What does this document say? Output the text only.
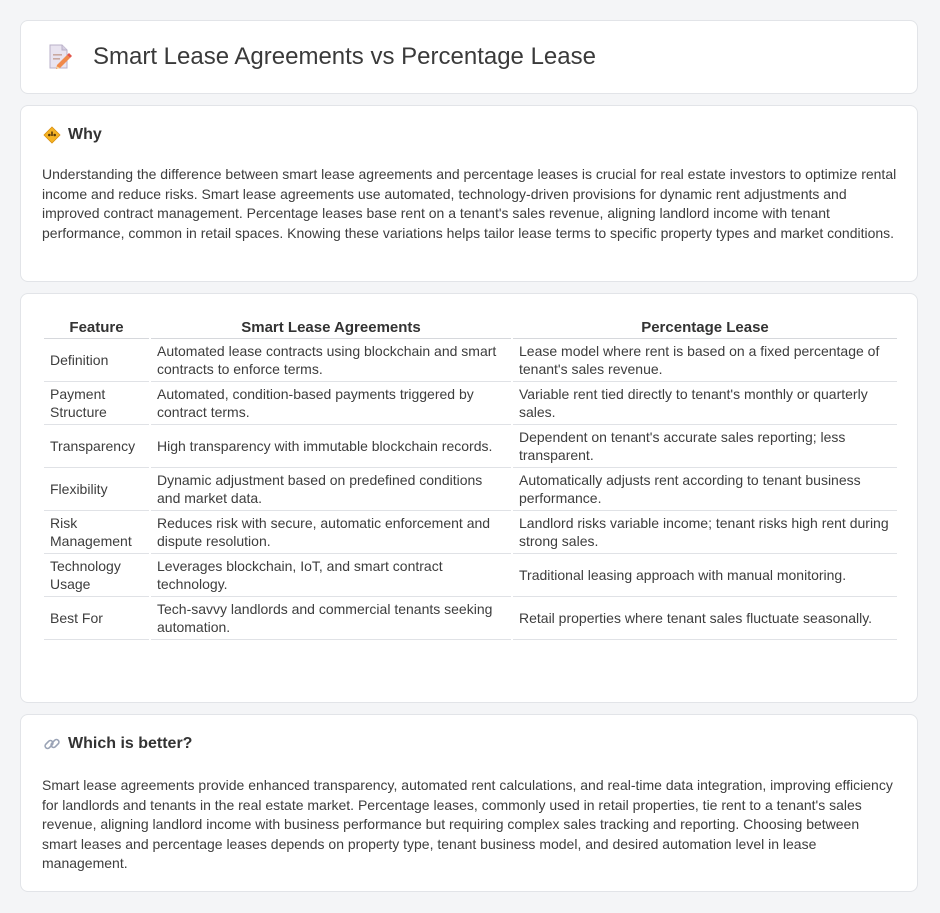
Smart Lease Agreements vs Percentage Lease
Why
Understanding the difference between smart lease agreements and percentage leases is crucial for real estate investors to optimize rental income and reduce risks. Smart lease agreements use automated, technology-driven provisions for dynamic rent adjustments and improved contract management. Percentage leases base rent on a tenant's sales revenue, aligning landlord income with tenant performance, common in retail spaces. Knowing these variations helps tailor lease terms to specific property types and market conditions.
Feature	Smart Lease Agreements	Percentage Lease
Definition	Automated lease contracts using blockchain and smart contracts to enforce terms.	Lease model where rent is based on a fixed percentage of tenant's sales revenue.
Payment Structure	Automated, condition-based payments triggered by contract terms.	Variable rent tied directly to tenant's monthly or quarterly sales.
Transparency	High transparency with immutable blockchain records.	Dependent on tenant's accurate sales reporting; less transparent.
Flexibility	Dynamic adjustment based on predefined conditions and market data.	Automatically adjusts rent according to tenant business performance.
Risk Management	Reduces risk with secure, automatic enforcement and dispute resolution.	Landlord risks variable income; tenant risks high rent during strong sales.
Technology Usage	Leverages blockchain, IoT, and smart contract technology.	Traditional leasing approach with manual monitoring.
Best For	Tech-savvy landlords and commercial tenants seeking automation.	Retail properties where tenant sales fluctuate seasonally.
Which is better?
Smart lease agreements provide enhanced transparency, automated rent calculations, and real-time data integration, improving efficiency for landlords and tenants in the real estate market. Percentage leases, commonly used in retail properties, tie rent to a tenant's sales revenue, aligning landlord income with business performance but requiring complex sales tracking and reporting. Choosing between smart leases and percentage leases depends on property type, tenant business model, and desired automation level in lease management.
